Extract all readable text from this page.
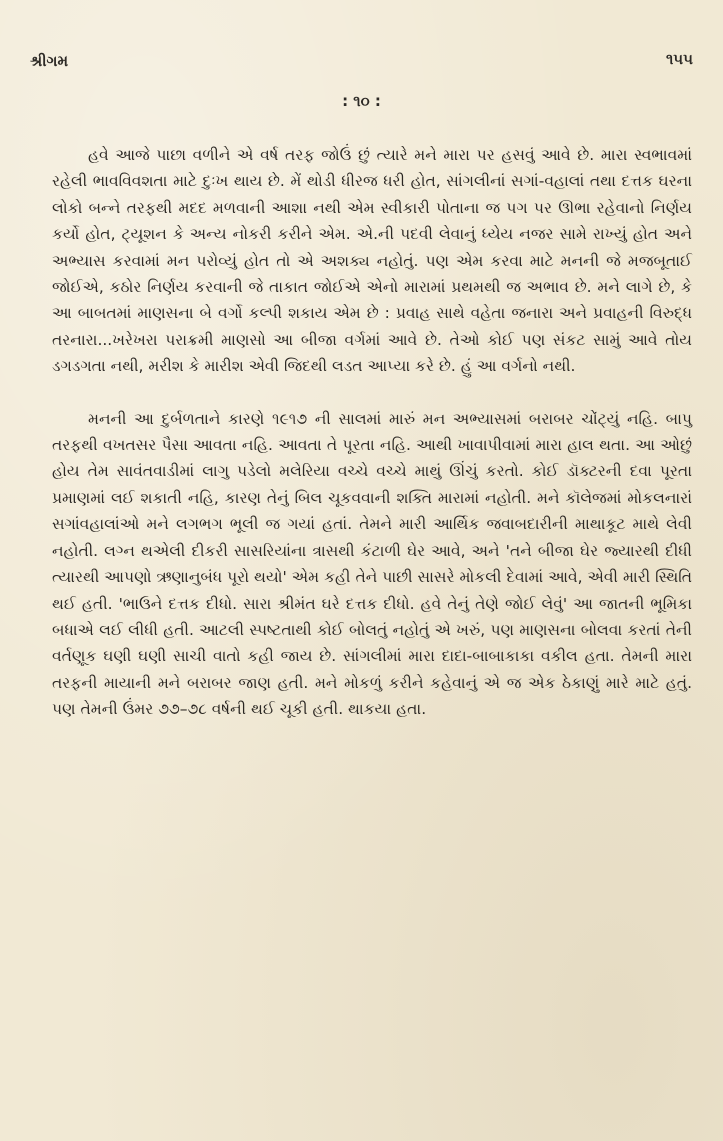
શ્રીગમ	૧૫૫
: ૧૦ :

હવે આજે પાછા વળીને એ વર્ષ તરફ જોઉં છું ત્યારે મને મારા પર હસવું આવે છે. મારા સ્વભાવમાં રહેલી ભાવવિવશતા માટે દુઃખ થાય છે. મેં થોડી ધીરજ ધરી હોત, સાંગલીનાં સગાં-વહાલાં તથા દત્તક ઘરના લોકો બન્ને તરફથી મદદ મળવાની આશા નથી એમ સ્વીકારી પોતાના જ પગ પર ઊભા રહેવાનો નિર્ણય કર્યો હોત, ટ્યૂશન કે અન્ય નોકરી કરીને એમ. એ.ની પદવી લેવાનું ધ્યેય નજર સામે રાખ્યું હોત અને અભ્યાસ કરવામાં મન પરોવ્યું હોત તો એ અશક્ય નહોતું. પણ એમ કરવા માટે મનની જે મજબૂતાઈ જોઈએ, કઠોર નિર્ણય કરવાની જે તાકાત જોઈએ એનો મારામાં પ્રથમથી જ અભાવ છે. મને લાગે છે, કે આ બાબતમાં માણસના બે વર્ગો કલ્પી શકાય એમ છે : પ્રવાહ સાથે વહેતા જનારા અને પ્રવાહની વિરુદ્ધ તરનારા...ખરેખરા પરાક્રમી માણસો આ બીજા વર્ગમાં આવે છે. તેઓ કોઈ પણ સંકટ સામું આવે તોય ડગડગતા નથી, મરીશ કે મારીશ એવી જિદથી લડત આપ્યા કરે છે. હું આ વર્ગનો નથી.

મનની આ દુર્બળતાને કારણે ૧૯૧૭ ની સાલમાં મારું મન અભ્યાસમાં બરાબર ચોંટ્યું નહિ. બાપુ તરફથી વખતસર પૈસા આવતા નહિ. આવતા તે પૂરતા નહિ. આથી ખાવાપીવામાં મારા હાલ થતા. આ ઓછું હોય તેમ સાવંતવાડીમાં લાગુ પડેલો મલેરિયા વચ્ચે વચ્ચે માથું ઊંચું કરતો. કોઈ ડૉક્ટરની દવા પૂરતા પ્રમાણમાં લઈ શકાતી નહિ, કારણ તેનું બિલ ચૂકવવાની શક્તિ મારામાં નહોતી. મને કૉલેજમાં મોકલનારાં સગાંવહાલાંઓ મને લગભગ ભૂલી જ ગયાં હતાં. તેમને મારી આર્થિક જવાબદારીની માથાકૂટ માથે લેવી નહોતી. લગ્ન થએલી દીકરી સાસરિયાંના ત્રાસથી કંટાળી ઘેર આવે, અને 'તને બીજા ઘેર જ્યારથી દીધી ત્યારથી આપણો ઋણાનુબંધ પૂરો થયો' એમ કહી તેને પાછી સાસરે મોકલી દેવામાં આવે, એવી મારી સ્થિતિ થઈ હતી. 'ભાઉને દત્તક દીધો. સારા શ્રીમંત ઘરે દત્તક દીધો. હવે તેનું તેણે જોઈ લેવું' આ જાતની ભૂમિકા બધાએ લઈ લીધી હતી. આટલી સ્પષ્ટતાથી કોઈ બોલતું નહોતું એ ખરું, પણ માણસના બોલવા કરતાં તેની વર્તણૂક ઘણી ઘણી સાચી વાતો કહી જાય છે. સાંગલીમાં મારા દાદા-બાબાકાકા વકીલ હતા. તેમની મારા તરફની માયાની મને બરાબર જાણ હતી. મને મોકળું કરીને કહેવાનું એ જ એક ઠેકાણું મારે માટે હતું. પણ તેમની ઉંમર ૭૭–૭૮ વર્ષની થઈ ચૂકી હતી. થાકયા હતા.
